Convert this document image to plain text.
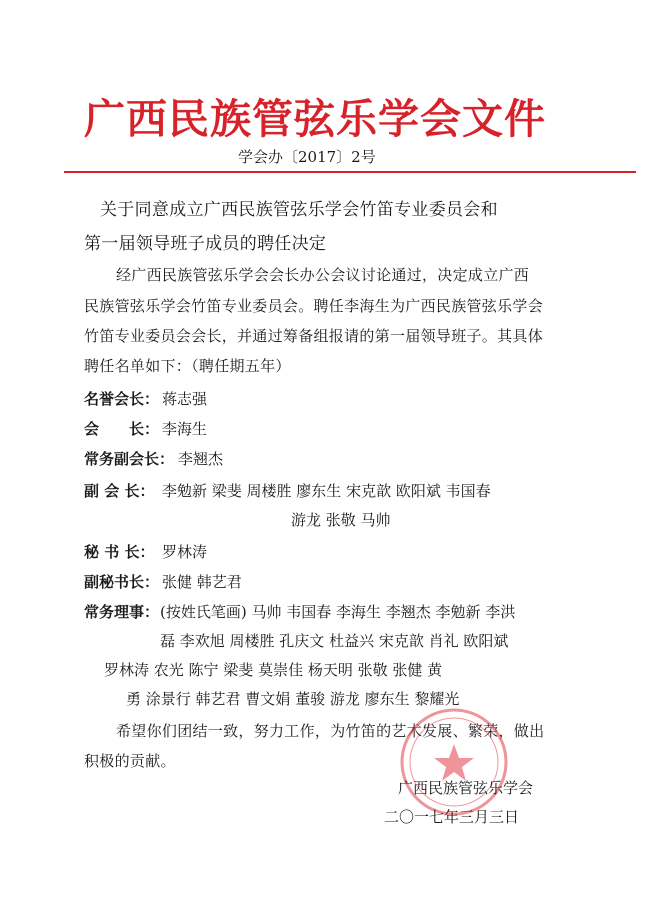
广西民族管弦乐学会文件
学会办〔2017〕2号
关于同意成立广西民族管弦乐学会竹笛专业委员会和
第一届领导班子成员的聘任决定
经广西民族管弦乐学会会长办公会议讨论通过，决定成立广西
民族管弦乐学会竹笛专业委员会。聘任李海生为广西民族管弦乐学会
竹笛专业委员会会长，并通过筹备组报请的第一届领导班子。其具体
聘任名单如下：（聘任期五年）
名誉会长： 蒋志强
会　　长： 李海生
常务副会长： 李翘杰
副 会 长： 李勉新 梁斐 周楼胜 廖东生 宋克歆 欧阳斌 韦国春
游龙 张敬 马帅
秘 书 长： 罗林涛
副秘书长： 张健 韩艺君
常务理事： (按姓氏笔画) 马帅 韦国春 李海生 李翘杰 李勉新 李洪
磊 李欢旭 周楼胜 孔庆文 杜益兴 宋克歆 肖礼 欧阳斌
罗林涛 农光 陈宁 梁斐 莫崇佳 杨天明 张敬 张健 黄
勇 涂景行 韩艺君 曹文娟 董骏 游龙 廖东生 黎耀光
希望你们团结一致，努力工作，为竹笛的艺术发展、繁荣，做出
积极的贡献。
广西民族管弦乐学会
二〇一七年三月三日
